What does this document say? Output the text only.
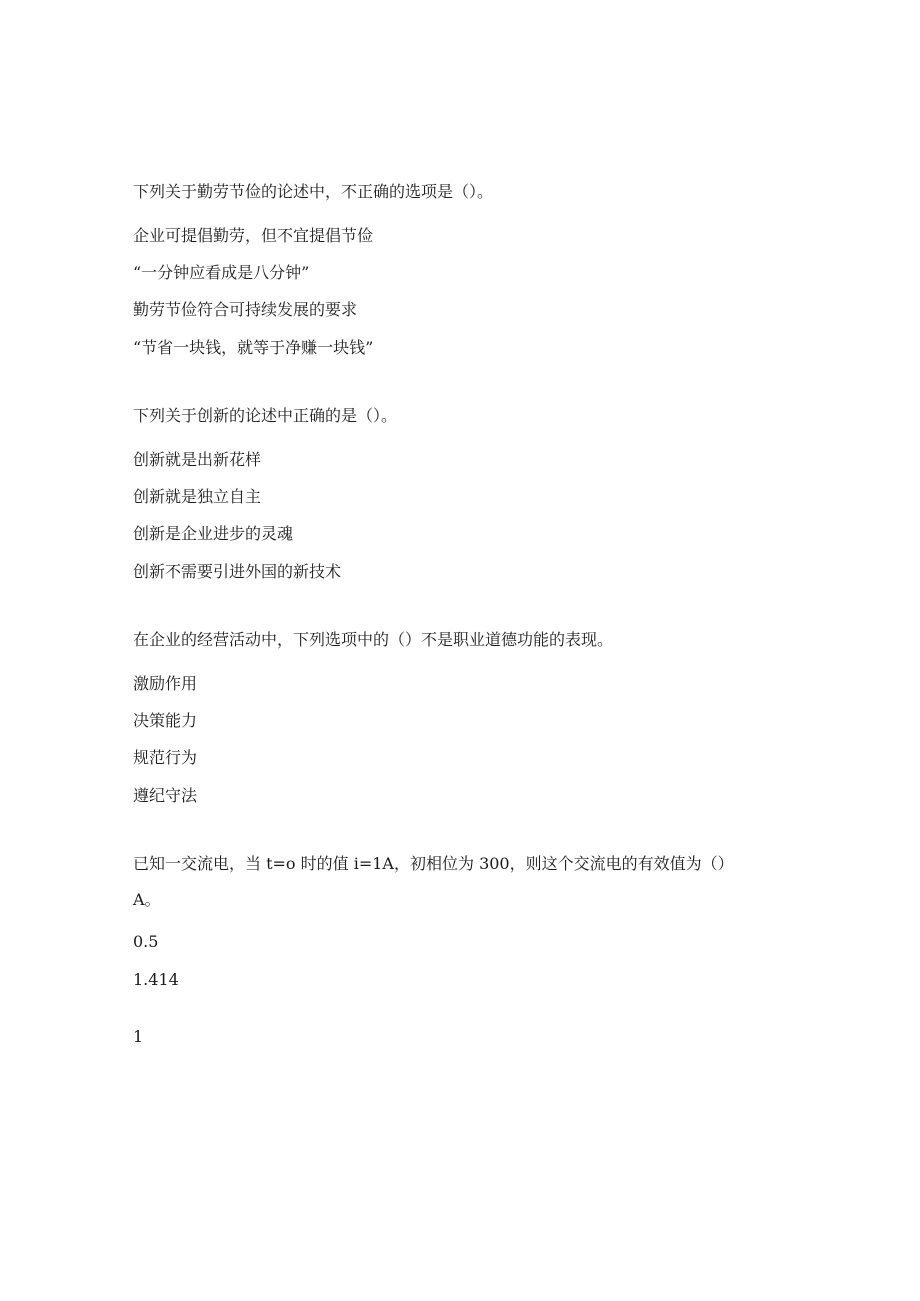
下列关于勤劳节俭的论述中，不正确的选项是（）。
企业可提倡勤劳，但不宜提倡节俭
“一分钟应看成是八分钟”
勤劳节俭符合可持续发展的要求
“节省一块钱，就等于净赚一块钱”
下列关于创新的论述中正确的是（）。
创新就是出新花样
创新就是独立自主
创新是企业进步的灵魂
创新不需要引进外国的新技术
在企业的经营活动中，下列选项中的（）不是职业道德功能的表现。
激励作用
决策能力
规范行为
遵纪守法
已知一交流电，当 t=o 时的值 i=1A，初相位为 300，则这个交流电的有效值为（）
A。
0.5
1.414
1
